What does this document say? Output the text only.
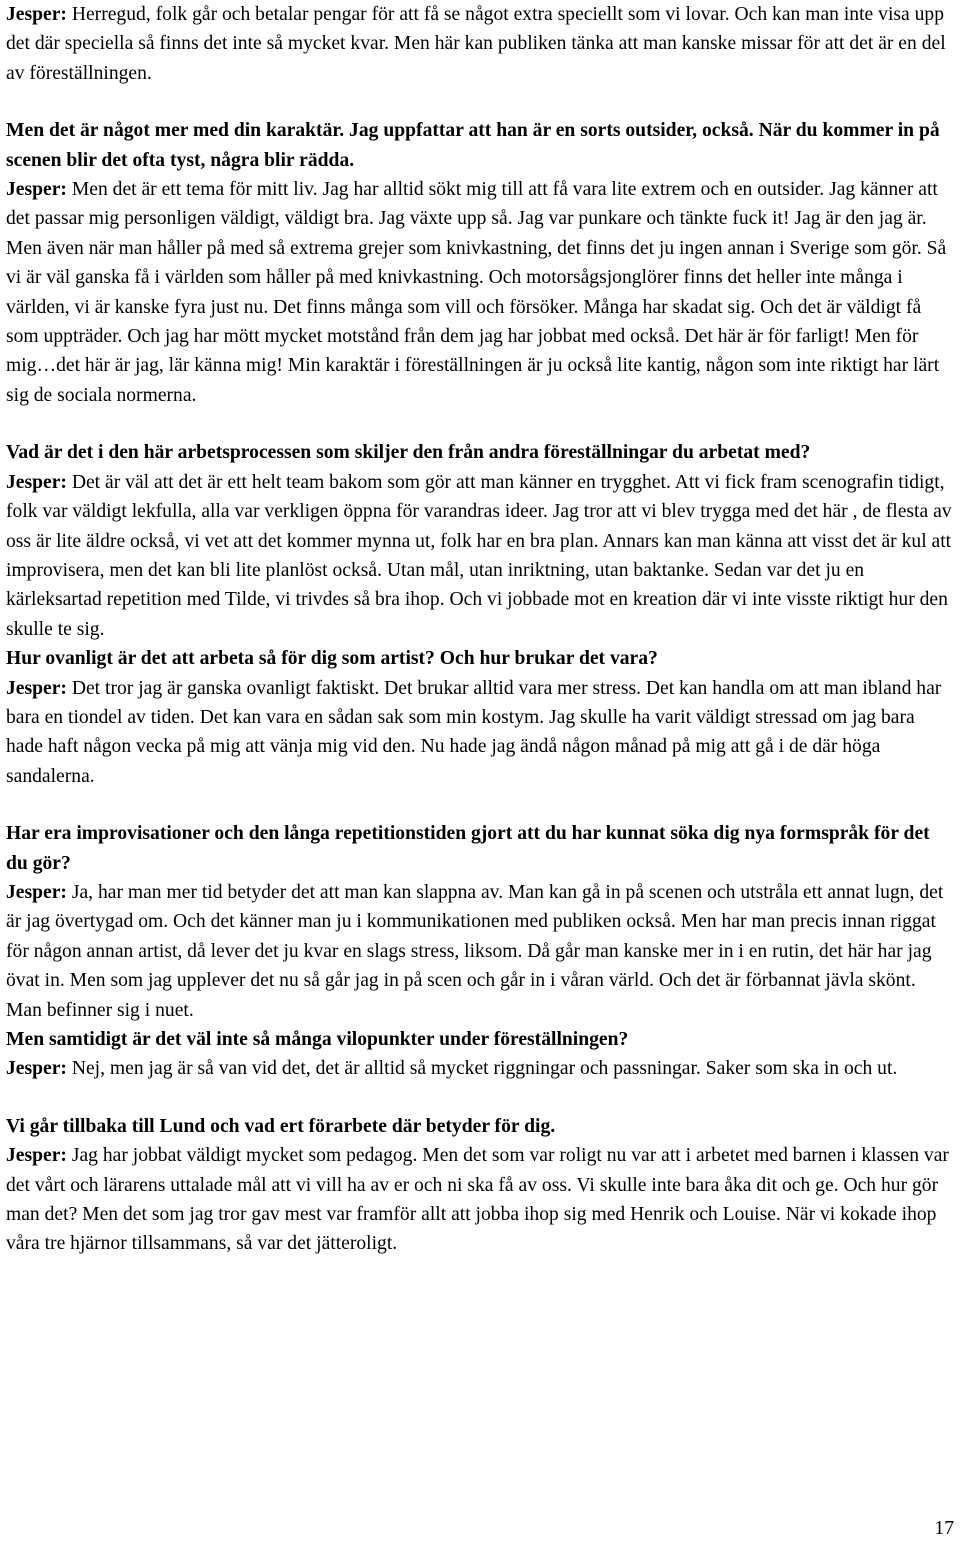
Jesper: Herregud, folk går och betalar pengar för att få se något extra speciellt som vi lovar. Och kan man inte visa upp det där speciella så finns det inte så mycket kvar. Men här kan publiken tänka att man kanske missar för att det är en del av föreställningen.

Men det är något mer med din karaktär. Jag uppfattar att han är en sorts outsider, också. När du kommer in på scenen blir det ofta tyst, några blir rädda.

Jesper: Men det är ett tema för mitt liv. Jag har alltid sökt mig till att få vara lite extrem och en outsider. Jag känner att det passar mig personligen väldigt, väldigt bra. Jag växte upp så. Jag var punkare och tänkte fuck it! Jag är den jag är. Men även när man håller på med så extrema grejer som knivkastning, det finns det ju ingen annan i Sverige som gör. Så vi är väl ganska få i världen som håller på med knivkastning. Och motorsågsjonglörer finns det heller inte många i världen, vi är kanske fyra just nu. Det finns många som vill och försöker. Många har skadat sig. Och det är väldigt få som uppträder. Och jag har mött mycket motstånd från dem jag har jobbat med också. Det här är för farligt! Men för mig…det här är jag, lär känna mig! Min karaktär i föreställningen är ju också lite kantig, någon som inte riktigt har lärt sig de sociala normerna.

Vad är det i den här arbetsprocessen som skiljer den från andra föreställningar du arbetat med?

Jesper: Det är väl att det är ett helt team bakom som gör att man känner en trygghet. Att vi fick fram scenografin tidigt, folk var väldigt lekfulla, alla var verkligen öppna för varandras ideer. Jag tror att vi blev trygga med det här , de flesta av oss är lite äldre också, vi vet att det kommer mynna ut, folk har en bra plan. Annars kan man känna att visst det är kul att improvisera, men det kan bli lite planlöst också. Utan mål, utan inriktning, utan baktanke. Sedan var det ju en kärleksartad repetition med Tilde, vi trivdes så bra ihop. Och vi jobbade mot en kreation där vi inte visste riktigt hur den skulle te sig.

Hur ovanligt är det att arbeta så för dig som artist? Och hur brukar det vara?

Jesper: Det tror jag är ganska ovanligt faktiskt. Det brukar alltid vara mer stress. Det kan handla om att man ibland har bara en tiondel av tiden. Det kan vara en sådan sak som min kostym. Jag skulle ha varit väldigt stressad om jag bara hade haft någon vecka på mig att vänja mig vid den. Nu hade jag ändå någon månad på mig att gå i de där höga sandalerna.

Har era improvisationer och den långa repetitionstiden gjort att du har kunnat söka dig nya formspråk för det du gör?

Jesper: Ja, har man mer tid betyder det att man kan slappna av. Man kan gå in på scenen och utstråla ett annat lugn, det är jag övertygad om. Och det känner man ju i kommunikationen med publiken också. Men har man precis innan riggat för någon annan artist, då lever det ju kvar en slags stress, liksom. Då går man kanske mer in i en rutin, det här har jag övat in. Men som jag upplever det nu så går jag in på scen och går in i våran värld. Och det är förbannat jävla skönt. Man befinner sig i nuet.

Men samtidigt är det väl inte så många vilopunkter under föreställningen?

Jesper: Nej, men jag är så van vid det, det är alltid så mycket riggningar och passningar. Saker som ska in och ut.

Vi går tillbaka till Lund och vad ert förarbete där betyder för dig.

Jesper: Jag har jobbat väldigt mycket som pedagog. Men det som var roligt nu var att i arbetet med barnen i klassen var det vårt och lärarens uttalade mål att vi vill ha av er och ni ska få av oss. Vi skulle inte bara åka dit och ge. Och hur gör man det? Men det som jag tror gav mest var framför allt att jobba ihop sig med Henrik och Louise. När vi kokade ihop våra tre hjärnor tillsammans, så var det jätteroligt.

17
